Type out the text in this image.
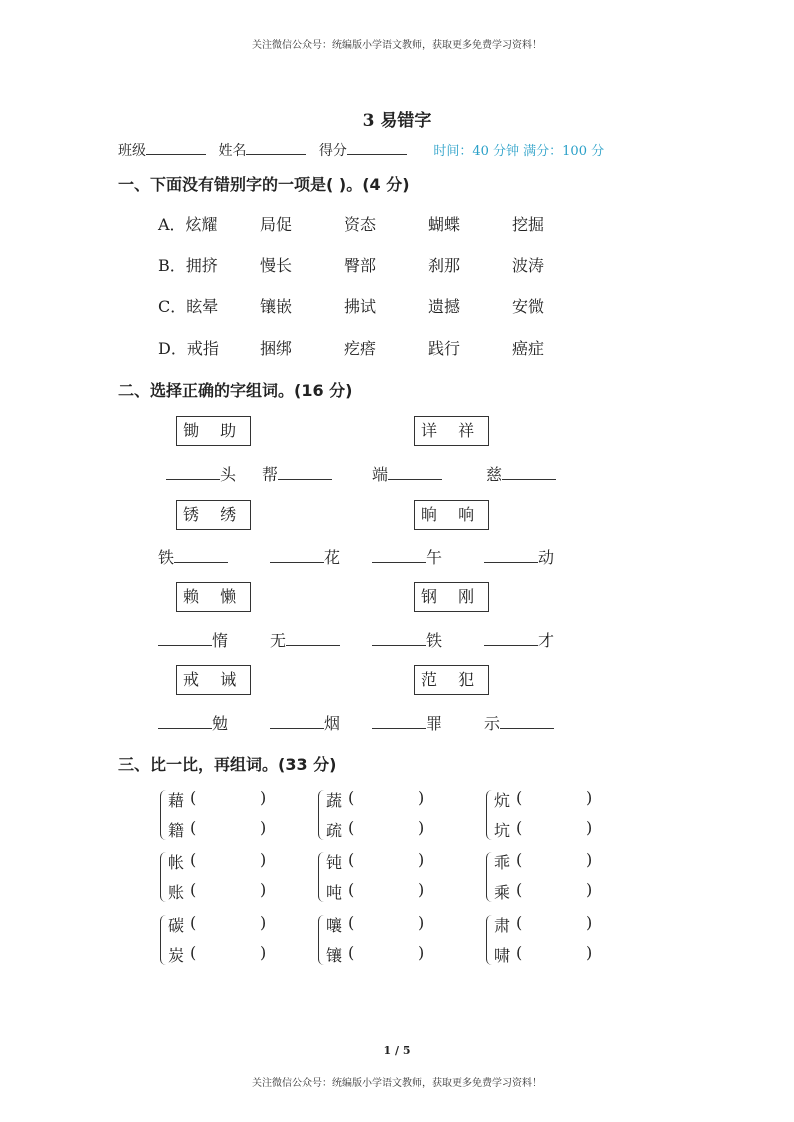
关注微信公众号：统编版小学语文教师，获取更多免费学习资料！
3 易错字
班级	姓名	得分	时间：40 分钟 满分：100 分
一、下面没有错别字的一项是( )。(4 分)
A．炫耀	局促	资态	蝴蝶	挖掘
B．拥挤	慢长	臀部	刹那	波涛
C．眩晕	镶嵌	拂试	遗撼	安微
D．戒指	捆绑	疙瘩	践行	癌症
二、选择正确的字组词。(16 分)
锄 助	详 祥
头 帮	端	慈
锈 绣	晌 响
铁	花	午	动
赖 懒	钢 刚
惰	无	铁	才
戒 诫	范 犯
勉	烟	罪	示
三、比一比，再组词。(33 分)
藉 (	)
籍 (	)
蔬 (	)
疏 (	)
炕 (	)
坑 (	)
帐 (	)
账 (	)
钝 (	)
吨 (	)
乖 (	)
乘 (	)
碳 (	)
炭 (	)
嚷 (	)
镶 (	)
肃 (	)
啸 (	)
1 / 5
关注微信公众号：统编版小学语文教师，获取更多免费学习资料！
